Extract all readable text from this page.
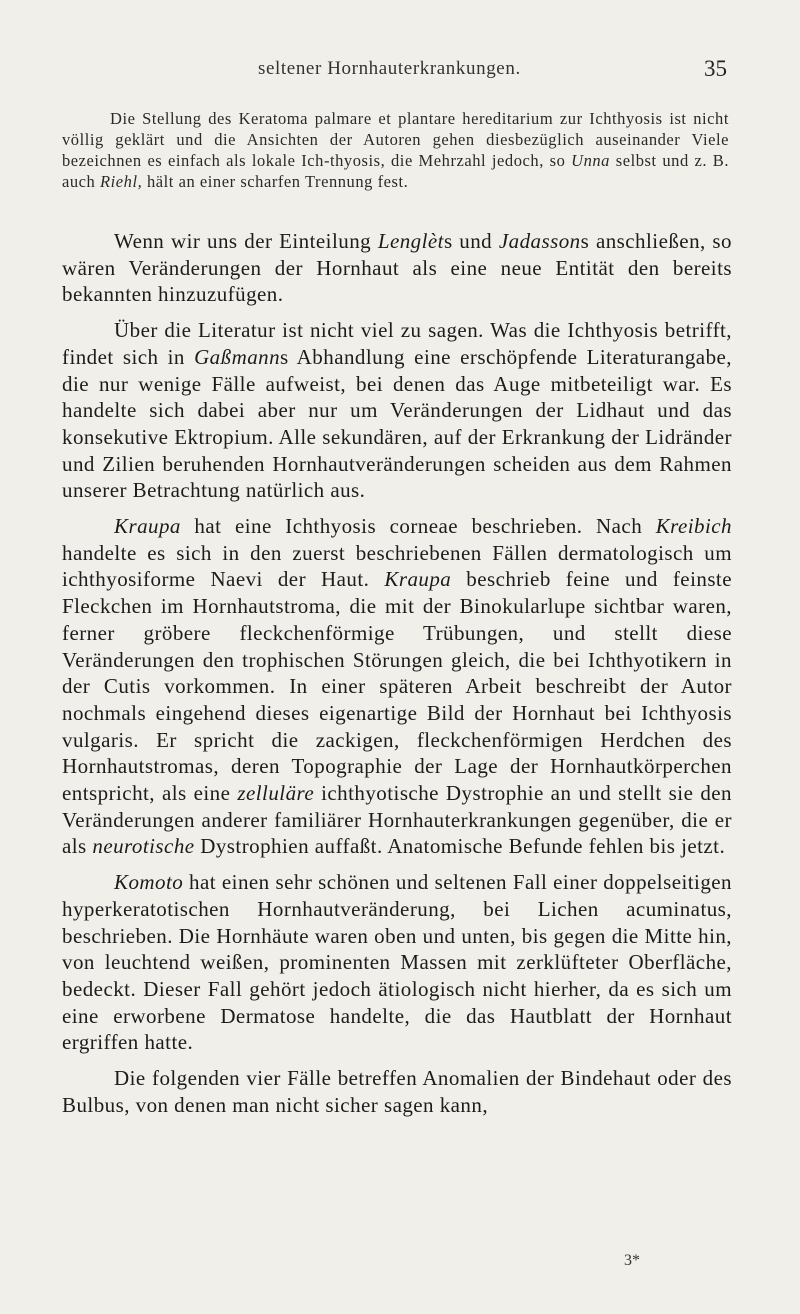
seltener Hornhauterkrankungen.	35
Die Stellung des Keratoma palmare et plantare hereditarium zur Ichthyosis ist nicht völlig geklärt und die Ansichten der Autoren gehen diesbezüglich auseinander Viele bezeichnen es einfach als lokale Ich-thyosis, die Mehrzahl jedoch, so Unna selbst und z. B. auch Riehl, hält an einer scharfen Trennung fest.

Wenn wir uns der Einteilung Lenglèts und Jadassons anschließen, so wären Veränderungen der Hornhaut als eine neue Entität den bereits bekannten hinzuzufügen.

Über die Literatur ist nicht viel zu sagen. Was die Ichthyosis betrifft, findet sich in Gaßmanns Abhandlung eine erschöpfende Literaturangabe, die nur wenige Fälle aufweist, bei denen das Auge mitbeteiligt war. Es handelte sich dabei aber nur um Veränderungen der Lidhaut und das konsekutive Ektropium. Alle sekundären, auf der Erkrankung der Lidränder und Zilien beruhenden Hornhautveränderungen scheiden aus dem Rahmen unserer Betrachtung natürlich aus.

Kraupa hat eine Ichthyosis corneae beschrieben. Nach Kreibich handelte es sich in den zuerst beschriebenen Fällen dermatologisch um ichthyosiforme Naevi der Haut. Kraupa beschrieb feine und feinste Fleckchen im Hornhautstroma, die mit der Binokularlupe sichtbar waren, ferner gröbere fleckchenförmige Trübungen, und stellt diese Veränderungen den trophischen Störungen gleich, die bei Ichthyotikern in der Cutis vorkommen. In einer späteren Arbeit beschreibt der Autor nochmals eingehend dieses eigenartige Bild der Hornhaut bei Ichthyosis vulgaris. Er spricht die zackigen, fleckchenförmigen Herdchen des Hornhautstromas, deren Topographie der Lage der Hornhautkörperchen entspricht, als eine zelluläre ichthyotische Dystrophie an und stellt sie den Veränderungen anderer familiärer Hornhauterkrankungen gegenüber, die er als neurotische Dystrophien auffaßt. Anatomische Befunde fehlen bis jetzt.

Komoto hat einen sehr schönen und seltenen Fall einer doppelseitigen hyperkeratotischen Hornhautveränderung, bei Lichen acuminatus, beschrieben. Die Hornhäute waren oben und unten, bis gegen die Mitte hin, von leuchtend weißen, prominenten Massen mit zerklüfteter Oberfläche, bedeckt. Dieser Fall gehört jedoch ätiologisch nicht hierher, da es sich um eine erworbene Dermatose handelte, die das Hautblatt der Hornhaut ergriffen hatte.

Die folgenden vier Fälle betreffen Anomalien der Bindehaut oder des Bulbus, von denen man nicht sicher sagen kann,

3*
